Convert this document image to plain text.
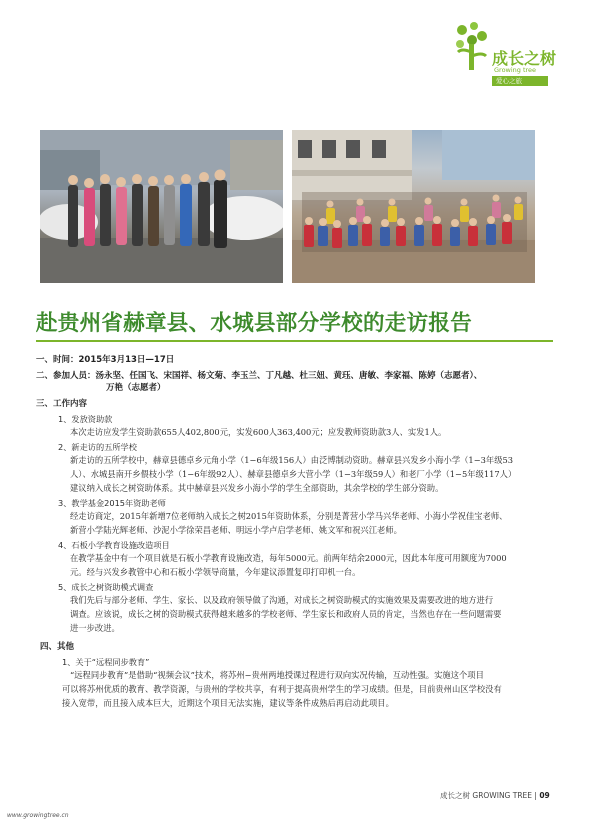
成长之树
Growing tree
爱心之旅
赴贵州省赫章县、水城县部分学校的走访报告
一、时间：2015年3月13日—17日
二、参加人员：汤永坚、任国飞、宋国祥、杨文菊、李玉兰、丁凡越、杜三妞、黄珏、唐敏、李家福、陈婷（志愿者）、
万艳（志愿者）
三、工作内容
1、发放资助款
本次走访应发学生资助款655人402,800元，实发600人363,400元；应发教师资助款3人、实发1人。
2、新走访的五所学校
新走访的五所学校中，赫章县德卓乡元角小学（1−6年级156人）由泛博制动资助。赫章县兴发乡小海小学（1−3年级53
人）、水城县南开乡偎枝小学（1−6年级92人）、赫章县德卓乡大营小学（1−3年级59人）和老厂小学（1−5年级117人）
建议纳入成长之树资助体系。其中赫章县兴发乡小海小学的学生全部资助，其余学校的学生部分资助。
3、教学基金2015年资助老师
经走访商定，2015年新增7位老师纳入成长之树2015年资助体系，分别是菁营小学马兴华老师、小海小学祝佳宝老师、
新营小学陆光辉老师、沙泥小学徐荣昌老师、明远小学卢启学老师、姚文军和祝兴江老师。
4、石板小学教育设施改造项目
在教学基金中有一个项目就是石板小学教育设施改造，每年5000元。前两年结余2000元，因此本年度可用额度为7000
元。经与兴发乡教管中心和石板小学领导商量，今年建议添置复印打印机一台。
5、成长之树资助模式调查
我们先后与部分老师、学生、家长、以及政府领导做了沟通，对成长之树资助模式的实施效果及需要改进的地方进行
调查。应该说，成长之树的资助模式获得越来越多的学校老师、学生家长和政府人员的肯定，当然也存在一些问题需要
进一步改进。
四、其他
1、关于“远程同步教育”
“远程同步教育”是借助“视频会议”技术，将苏州−贵州两地授课过程进行双向实况传输，互动性强。实施这个项目
可以将苏州优质的教育、教学资源，与贵州的学校共享，有利于提高贵州学生的学习成绩。但是，目前贵州山区学校没有
接入宽带，而且接入成本巨大，近期这个项目无法实施，建议等条件成熟后再启动此项目。
成长之树 GROWING TREE | 09
www.growingtree.cn
